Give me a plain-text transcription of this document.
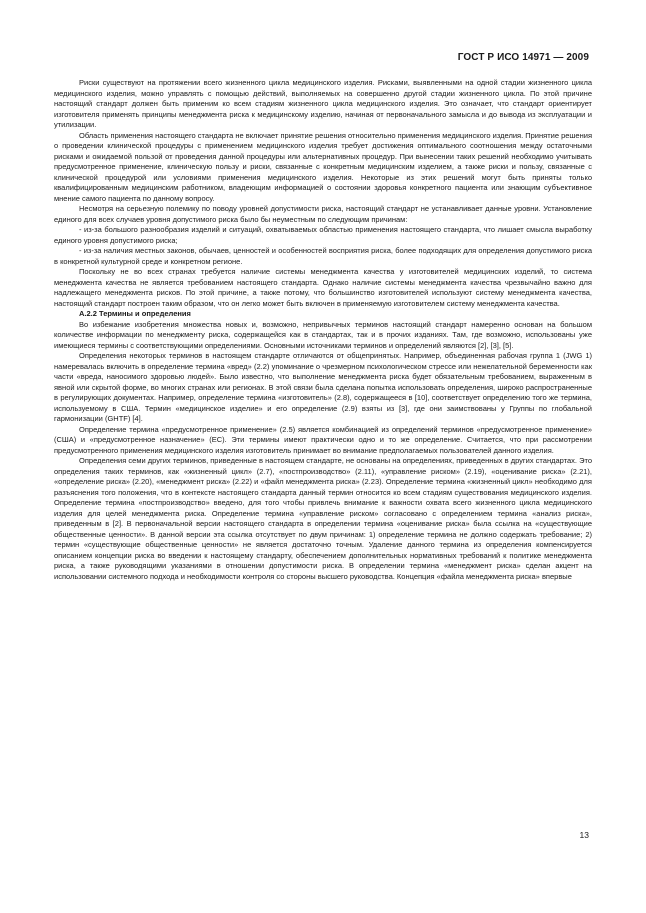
ГОСТ Р ИСО 14971 — 2009

Риски существуют на протяжении всего жизненного цикла медицинского изделия. Рисками, выявленными на одной стадии жизненного цикла медицинского изделия, можно управлять с помощью действий, выполняемых на совершенно другой стадии жизненного цикла. По этой причине настоящий стандарт должен быть применим ко всем стадиям жизненного цикла медицинского изделия. Это означает, что стандарт ориентирует изготовителя применять принципы менеджмента риска к медицинскому изделию, начиная от первоначального замысла и до вывода из эксплуатации и утилизации.

Область применения настоящего стандарта не включает принятие решения относительно применения медицинского изделия. Принятие решения о проведении клинической процедуры с применением медицинского изделия требует достижения оптимального соотношения между остаточными рисками и ожидаемой пользой от проведения данной процедуры или альтернативных процедур. При вынесении таких решений необходимо учитывать предусмотренное применение, клиническую пользу и риски, связанные с конкретным медицинским изделием, а также риски и пользу, связанные с клинической процедурой или условиями применения медицинского изделия. Некоторые из этих решений могут быть приняты только квалифицированным медицинским работником, владеющим информацией о состоянии здоровья конкретного пациента или знающим субъективное мнение самого пациента по данному вопросу.

Несмотря на серьезную полемику по поводу уровней допустимости риска, настоящий стандарт не устанавливает данные уровни. Установление единого для всех случаев уровня допустимого риска было бы неуместным по следующим причинам:

- из-за большого разнообразия изделий и ситуаций, охватываемых областью применения настоящего стандарта, что лишает смысла выработку единого уровня допустимого риска;

- из-за наличия местных законов, обычаев, ценностей и особенностей восприятия риска, более подходящих для определения допустимого риска в конкретной культурной среде и конкретном регионе.

Поскольку не во всех странах требуется наличие системы менеджмента качества у изготовителей медицинских изделий, то система менеджмента качества не является требованием настоящего стандарта. Однако наличие системы менеджмента качества чрезвычайно важно для надлежащего менеджмента рисков. По этой причине, а также потому, что большинство изготовителей используют систему менеджмента качества, настоящий стандарт построен таким образом, что он легко может быть включен в применяемую изготовителем систему менеджмента качества.

А.2.2 Термины и определения

Во избежание изобретения множества новых и, возможно, непривычных терминов настоящий стандарт намеренно основан на большом количестве информации по менеджменту риска, содержащейся как в стандартах, так и в прочих изданиях. Там, где возможно, использованы уже имеющиеся термины с соответствующими определениями. Основными источниками терминов и определений являются [2], [3], [5].

Определения некоторых терминов в настоящем стандарте отличаются от общепринятых. Например, объединенная рабочая группа 1 (JWG 1) намеревалась включить в определение термина «вред» (2.2) упоминание о чрезмерном психологическом стрессе или нежелательной беременности как части «вреда, наносимого здоровью людей». Было известно, что выполнение менеджмента риска будет обязательным требованием, выраженным в явной или скрытой форме, во многих странах или регионах. В этой связи была сделана попытка использовать определения, широко распространенные в регулирующих документах. Например, определение термина «изготовитель» (2.8), содержащееся в [10], соответствует определению того же термина, используемому в США. Термин «медицинское изделие» и его определение (2.9) взяты из [3], где они заимствованы у Группы по глобальной гармонизации (GHTF) [4].

Определение термина «предусмотренное применение» (2.5) является комбинацией из определений терминов «предусмотренное применение» (США) и «предусмотренное назначение» (ЕС). Эти термины имеют практически одно и то же определение. Считается, что при рассмотрении предусмотренного применения медицинского изделия изготовитель принимает во внимание предполагаемых пользователей данного изделия.

Определения семи других терминов, приведенные в настоящем стандарте, не основаны на определениях, приведенных в других стандартах. Это определения таких терминов, как «жизненный цикл» (2.7), «постпроизводство» (2.11), «управление риском» (2.19), «оценивание риска» (2.21), «определение риска» (2.20), «менеджмент риска» (2.22) и «файл менеджмента риска» (2.23). Определение термина «жизненный цикл» необходимо для разъяснения того положения, что в контексте настоящего стандарта данный термин относится ко всем стадиям существования медицинского изделия. Определение термина «постпроизводство» введено, для того чтобы привлечь внимание к важности охвата всего жизненного цикла медицинского изделия для целей менеджмента риска. Определение термина «управление риском» согласовано с определением термина «анализ риска», приведенным в [2]. В первоначальной версии настоящего стандарта в определении термина «оценивание риска» была ссылка на «существующие общественные ценности». В данной версии эта ссылка отсутствует по двум причинам: 1) определение термина не должно содержать требование; 2) термин «существующие общественные ценности» не является достаточно точным. Удаление данного термина из определения компенсируется описанием концепции риска во введении к настоящему стандарту, обеспечением дополнительных нормативных требований к политике менеджмента риска, а также руководящими указаниями в отношении допустимости риска. В определении термина «менеджмент риска» сделан акцент на использовании системного подхода и необходимости контроля со стороны высшего руководства. Концепция «файла менеджмента риска» впервые

13
